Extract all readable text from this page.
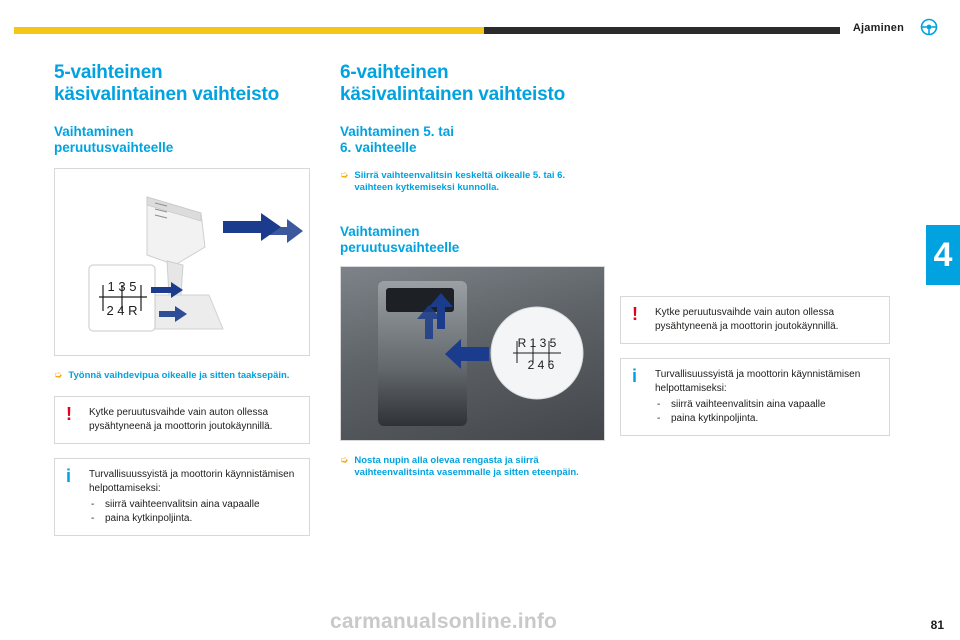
Ajaminen
4
5-vaihteinen
käsivalintainen vaihteisto
Vaihtaminen
peruutusvaihteelle
1 3 5
2 4 R
➭ Työnnä vaihdevipua oikealle ja sitten taaksepäin.
! Kytke peruutusvaihde vain auton ollessa pysähtyneenä ja moottorin joutokäynnillä.
i Turvallisuussyistä ja moottorin käynnistämisen helpottamiseksi:
- siirrä vaihteenvalitsin aina vapaalle
- paina kytkinpoljinta.
6-vaihteinen
käsivalintainen vaihteisto
Vaihtaminen 5. tai
6. vaihteelle
➭ Siirrä vaihteenvalitsin keskeltä oikealle 5. tai 6. vaihteen kytkemiseksi kunnolla.
Vaihtaminen
peruutusvaihteelle
R 1 3 5
2 4 6
➭ Nosta nupin alla olevaa rengasta ja siirrä vaihteenvalitsinta vasemmalle ja sitten eteenpäin.
! Kytke peruutusvaihde vain auton ollessa pysähtyneenä ja moottorin joutokäynnillä.
i Turvallisuussyistä ja moottorin käynnistämisen helpottamiseksi:
- siirrä vaihteenvalitsin aina vapaalle
- paina kytkinpoljinta.
carmanualsonline.info	81
